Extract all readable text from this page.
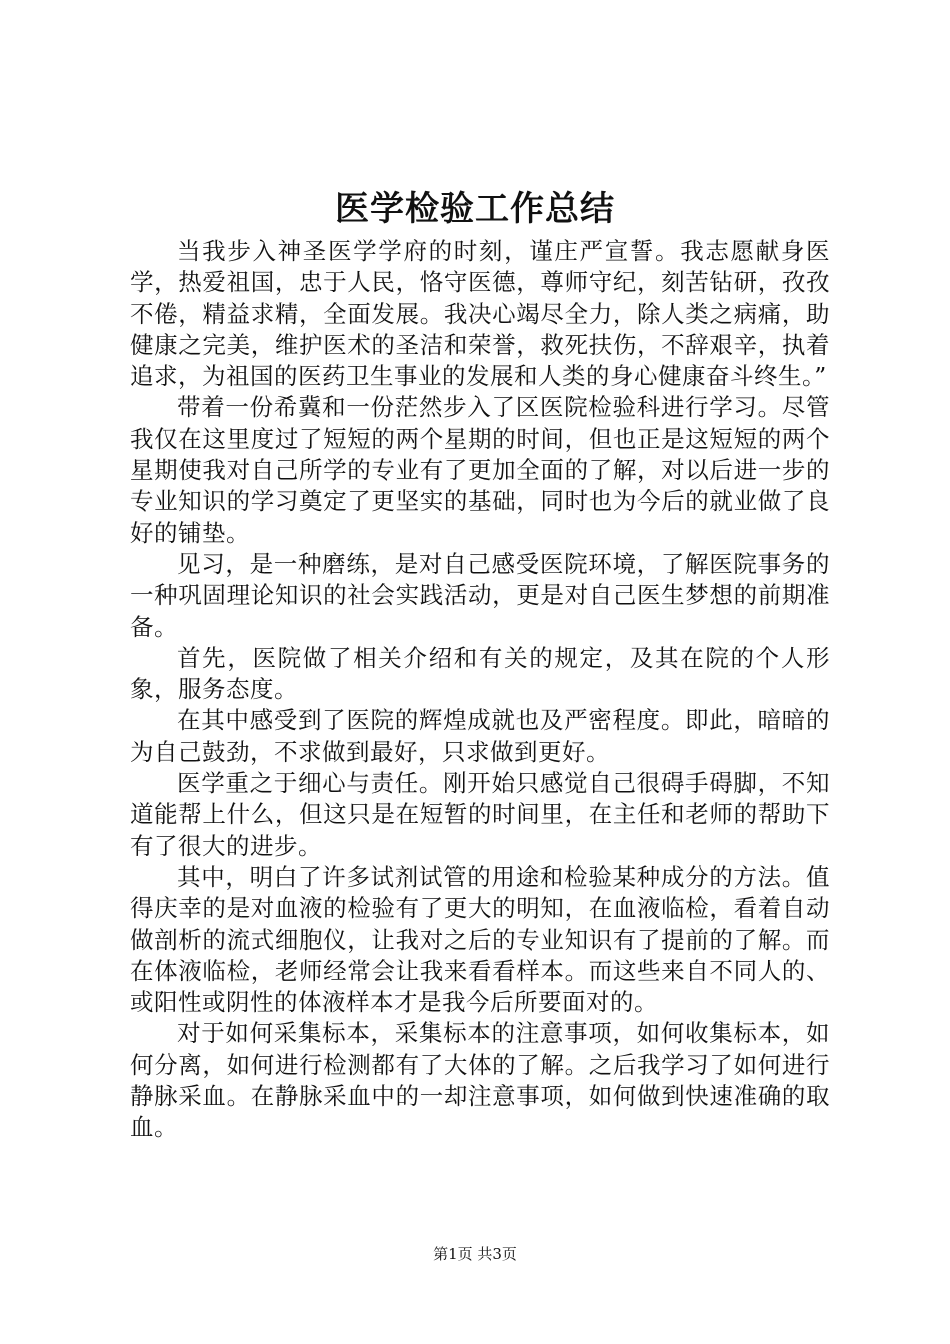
医学检验工作总结

当我步入神圣医学学府的时刻，谨庄严宣誓。我志愿献身医学，热爱祖国，忠于人民，恪守医德，尊师守纪，刻苦钻研，孜孜不倦，精益求精，全面发展。我决心竭尽全力，除人类之病痛，助健康之完美，维护医术的圣洁和荣誉，救死扶伤，不辞艰辛，执着追求，为祖国的医药卫生事业的发展和人类的身心健康奋斗终生。”

带着一份希冀和一份茫然步入了区医院检验科进行学习。尽管我仅在这里度过了短短的两个星期的时间，但也正是这短短的两个星期使我对自己所学的专业有了更加全面的了解，对以后进一步的专业知识的学习奠定了更坚实的基础，同时也为今后的就业做了良好的铺垫。

见习，是一种磨练，是对自己感受医院环境，了解医院事务的一种巩固理论知识的社会实践活动，更是对自己医生梦想的前期准备。

首先，医院做了相关介绍和有关的规定，及其在院的个人形象，服务态度。

在其中感受到了医院的辉煌成就也及严密程度。即此，暗暗的为自己鼓劲，不求做到最好，只求做到更好。

医学重之于细心与责任。刚开始只感觉自己很碍手碍脚，不知道能帮上什么，但这只是在短暂的时间里，在主任和老师的帮助下有了很大的进步。

其中，明白了许多试剂试管的用途和检验某种成分的方法。值得庆幸的是对血液的检验有了更大的明知，在血液临检，看着自动做剖析的流式细胞仪，让我对之后的专业知识有了提前的了解。而在体液临检，老师经常会让我来看看样本。而这些来自不同人的、或阳性或阴性的体液样本才是我今后所要面对的。

对于如何采集标本，采集标本的注意事项，如何收集标本，如何分离，如何进行检测都有了大体的了解。之后我学习了如何进行静脉采血。在静脉采血中的一却注意事项，如何做到快速准确的取血。

第1页 共3页
